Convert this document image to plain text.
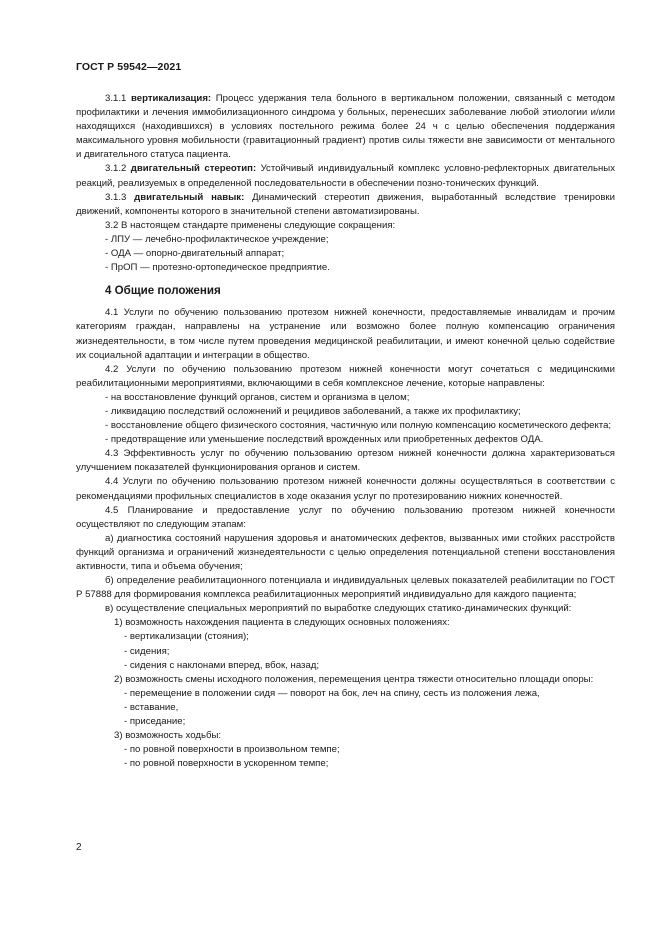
ГОСТ Р 59542—2021

3.1.1 вертикализация: Процесс удержания тела больного в вертикальном положении, связанный с методом профилактики и лечения иммобилизационного синдрома у больных, перенесших заболевание любой этиологии и/или находящихся (находившихся) в условиях постельного режима более 24 ч с целью обеспечения поддержания максимального уровня мобильности (гравитационный градиент) против силы тяжести вне зависимости от ментального и двигательного статуса пациента.

3.1.2 двигательный стереотип: Устойчивый индивидуальный комплекс условно-рефлекторных двигательных реакций, реализуемых в определенной последовательности в обеспечении позно-тонических функций.

3.1.3 двигательный навык: Динамический стереотип движения, выработанный вследствие тренировки движений, компоненты которого в значительной степени автоматизированы.

3.2 В настоящем стандарте применены следующие сокращения:

- ЛПУ — лечебно-профилактическое учреждение;

- ОДА — опорно-двигательный аппарат;

- ПрОП — протезно-ортопедическое предприятие.

4 Общие положения

4.1 Услуги по обучению пользованию протезом нижней конечности, предоставляемые инвалидам и прочим категориям граждан, направлены на устранение или возможно более полную компенсацию ограничения жизнедеятельности, в том числе путем проведения медицинской реабилитации, и имеют конечной целью содействие их социальной адаптации и интеграции в общество.

4.2 Услуги по обучению пользованию протезом нижней конечности могут сочетаться с медицинскими реабилитационными мероприятиями, включающими в себя комплексное лечение, которые направлены:

- на восстановление функций органов, систем и организма в целом;

- ликвидацию последствий осложнений и рецидивов заболеваний, а также их профилактику;

- восстановление общего физического состояния, частичную или полную компенсацию косметического дефекта;

- предотвращение или уменьшение последствий врожденных или приобретенных дефектов ОДА.

4.3 Эффективность услуг по обучению пользованию ортезом нижней конечности должна характеризоваться улучшением показателей функционирования органов и систем.

4.4 Услуги по обучению пользованию протезом нижней конечности должны осуществляться в соответствии с рекомендациями профильных специалистов в ходе оказания услуг по протезированию нижних конечностей.

4.5 Планирование и предоставление услуг по обучению пользованию протезом нижней конечности осуществляют по следующим этапам:

а) диагностика состояний нарушения здоровья и анатомических дефектов, вызванных ими стойких расстройств функций организма и ограничений жизнедеятельности с целью определения потенциальной степени восстановления активности, типа и объема обучения;

б) определение реабилитационного потенциала и индивидуальных целевых показателей реабилитации по ГОСТ Р 57888 для формирования комплекса реабилитационных мероприятий индивидуально для каждого пациента;

в) осуществление специальных мероприятий по выработке следующих статико-динамических функций:

1) возможность нахождения пациента в следующих основных положениях:

- вертикализации (стояния);

- сидения;

- сидения с наклонами вперед, вбок, назад;

2) возможность смены исходного положения, перемещения центра тяжести относительно площади опоры:

- перемещение в положении сидя — поворот на бок, леч на спину, сесть из положения лежа,

- вставание,

- приседание;

3) возможность ходьбы:

- по ровной поверхности в произвольном темпе;

- по ровной поверхности в ускоренном темпе;

2
